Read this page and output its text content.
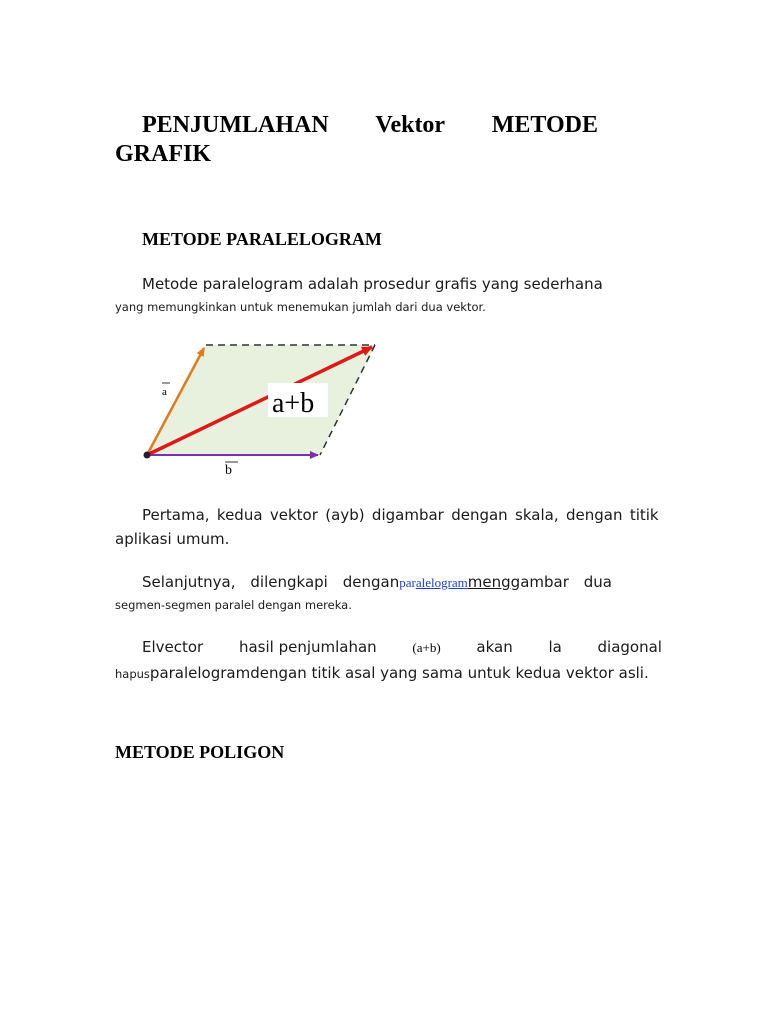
PENJUMLAHAN Vektor METODE
GRAFIK
METODE PARALELOGRAM
Metode paralelogram adalah prosedur grafis yang sederhana
yang memungkinkan untuk menemukan jumlah dari dua vektor.
a+b
a
b
Pertama, kedua vektor (ayb) digambar dengan skala, dengan titik
aplikasi umum.
Selanjutnya, dilengkapi denganparalelogrammenggambar dua
segmen-segmen paralel dengan mereka.
Elvector hasil penjumlahan	(a+b) akan la diagonal
hapusparalelogramdengan titik asal yang sama untuk kedua vektor asli.
METODE POLIGON
